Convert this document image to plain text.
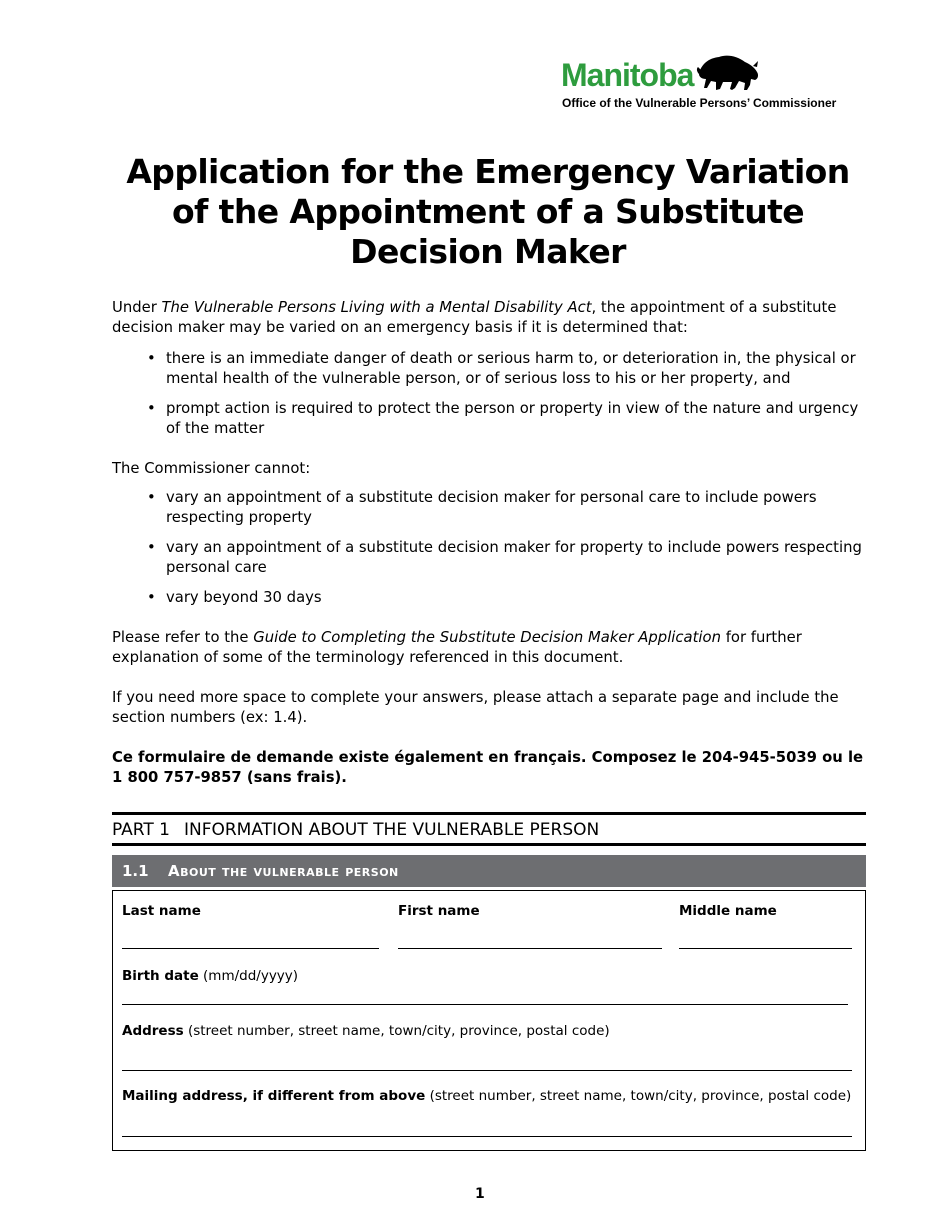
Manitoba
Office of the Vulnerable Persons’ Commissioner
Application for the Emergency Variation of the Appointment of a Substitute Decision Maker

Under The Vulnerable Persons Living with a Mental Disability Act, the appointment of a substitute decision maker may be varied on an emergency basis if it is determined that:

• there is an immediate danger of death or serious harm to, or deterioration in, the physical or mental health of the vulnerable person, or of serious loss to his or her property, and
• prompt action is required to protect the person or property in view of the nature and urgency of the matter

The Commissioner cannot:

• vary an appointment of a substitute decision maker for personal care to include powers respecting property
• vary an appointment of a substitute decision maker for property to include powers respecting personal care
• vary beyond 30 days

Please refer to the Guide to Completing the Substitute Decision Maker Application for further explanation of some of the terminology referenced in this document.

If you need more space to complete your answers, please attach a separate page and include the section numbers (ex: 1.4).

Ce formulaire de demande existe également en français. Composez le 204-945-5039 ou le 1 800 757-9857 (sans frais).

PART 1 INFORMATION ABOUT THE VULNERABLE PERSON
1.1 About the vulnerable person
Last name	First name	Middle name
Birth date (mm/dd/yyyy)
Address (street number, street name, town/city, province, postal code)
Mailing address, if different from above (street number, street name, town/city, province, postal code)
1
